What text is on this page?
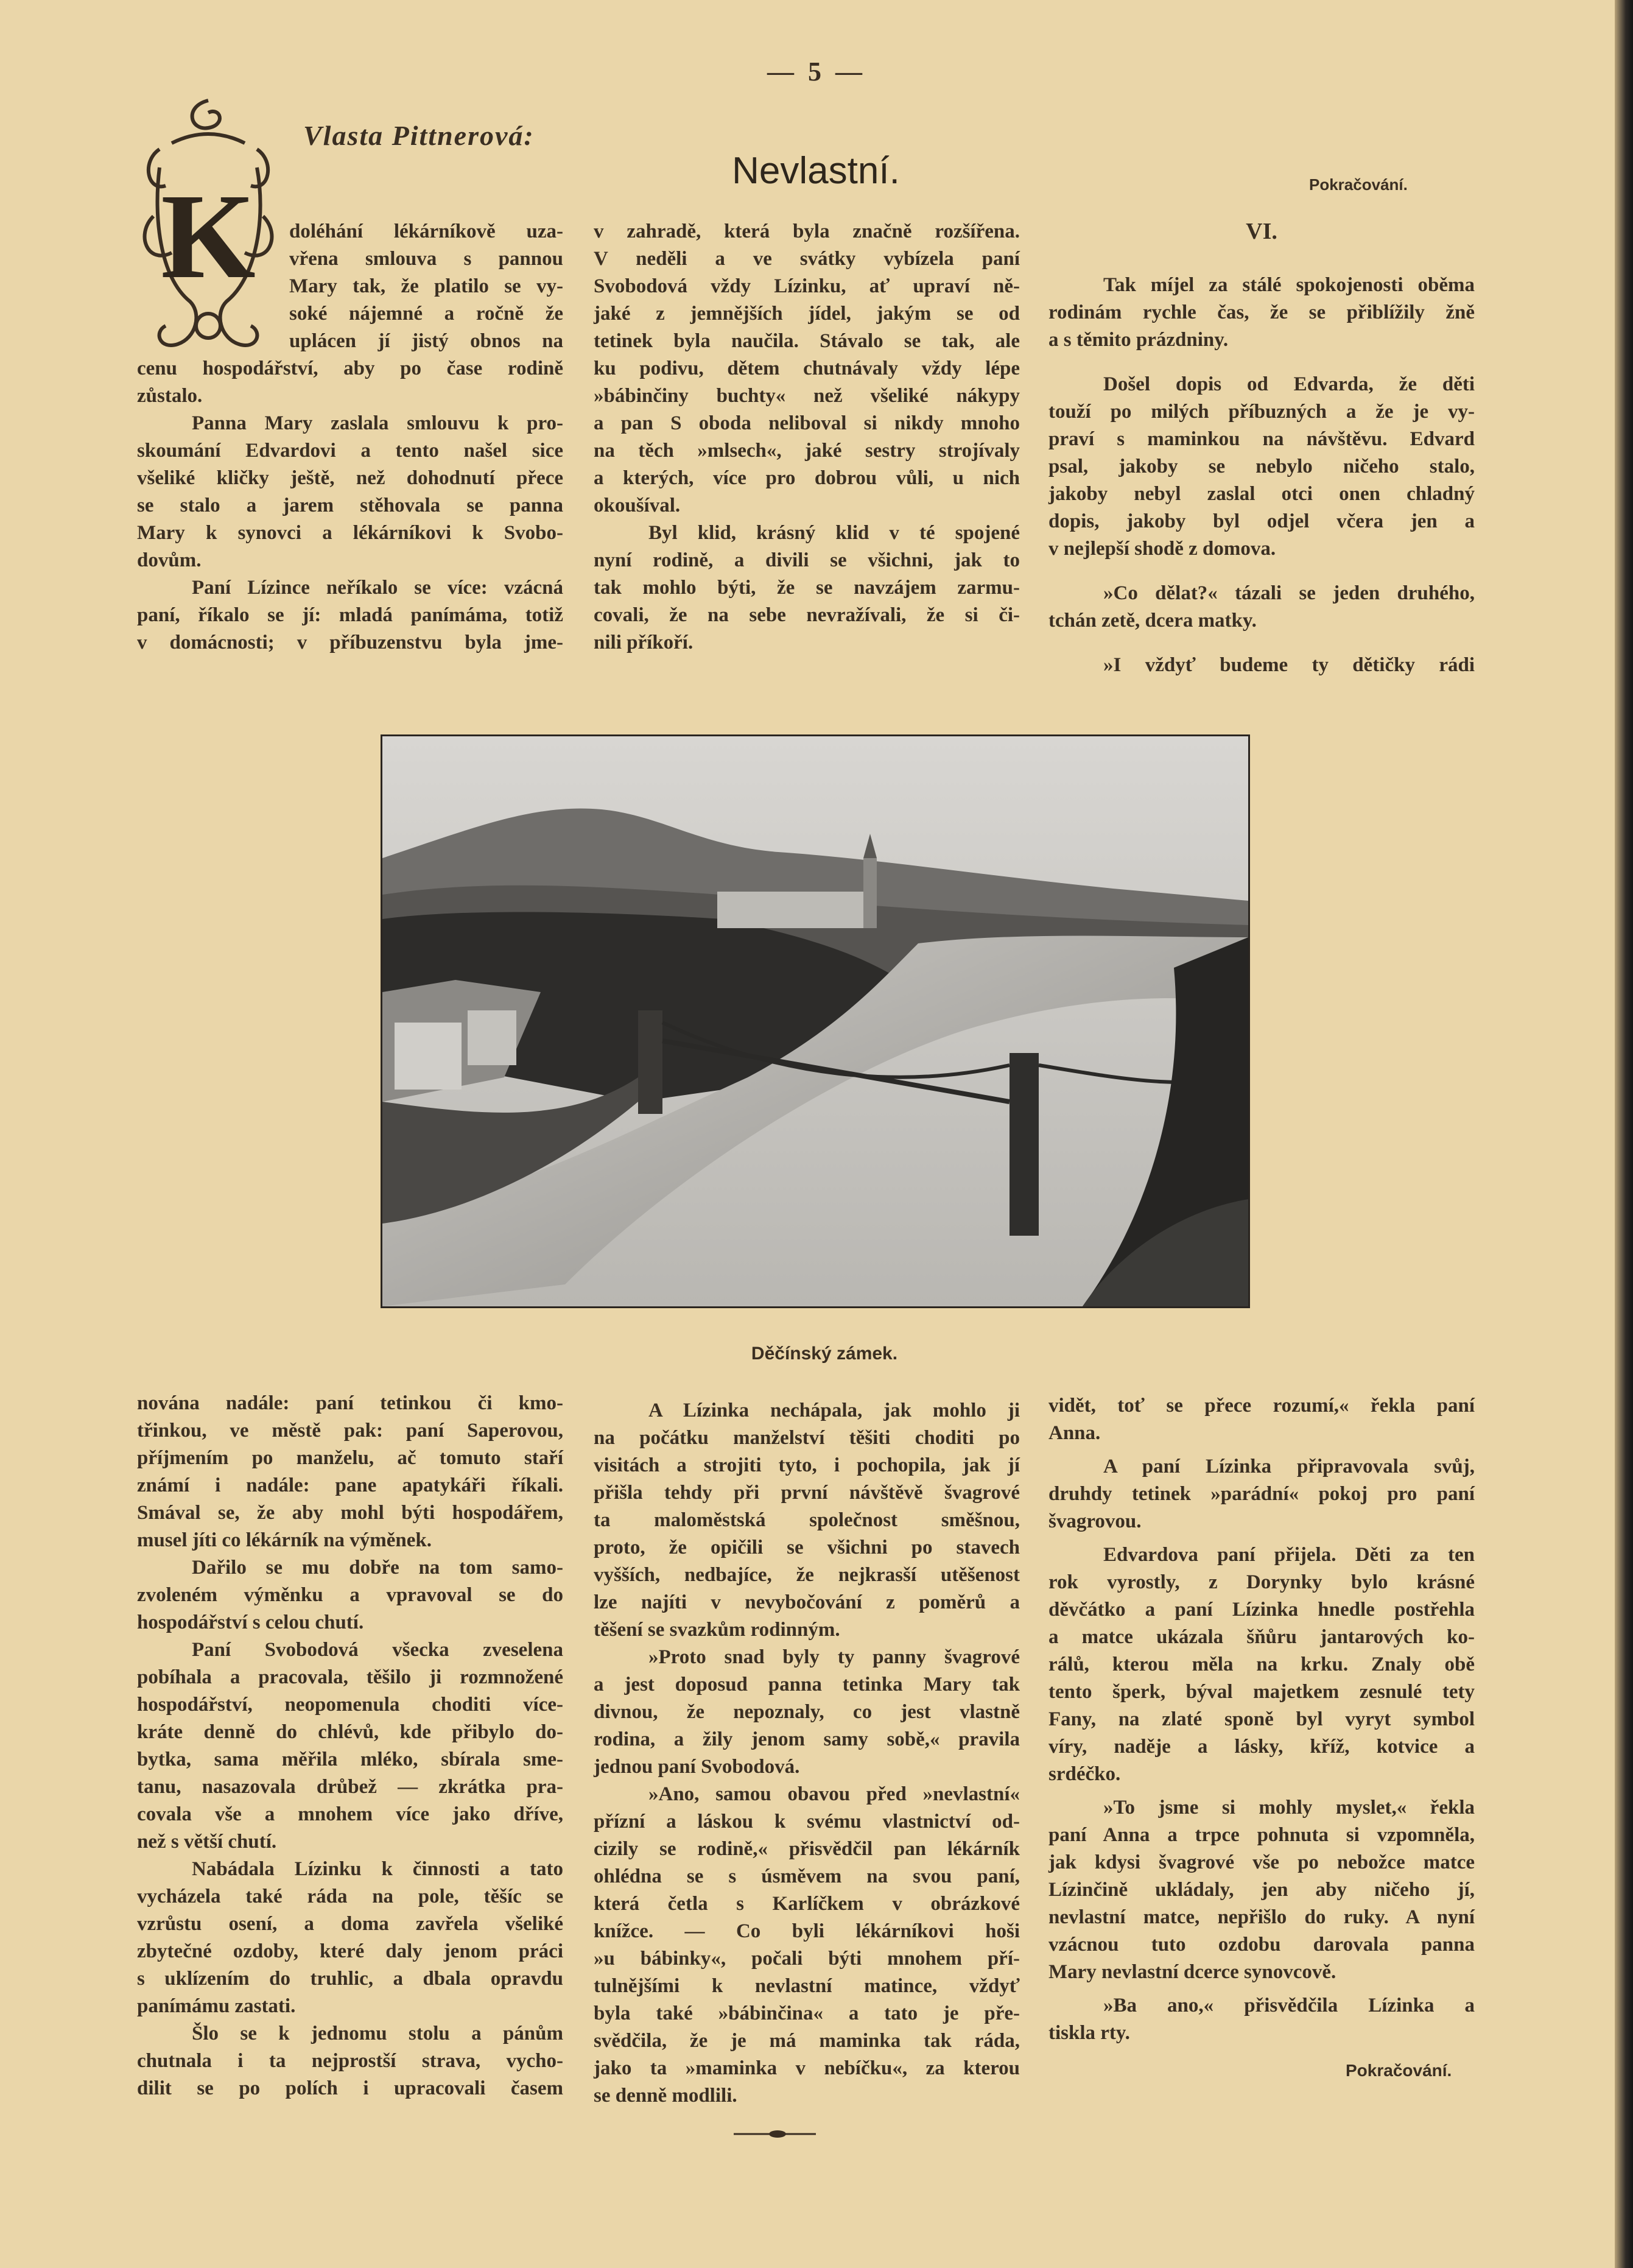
— 5 —
K
Vlasta Pittnerová:
Nevlastní.	Pokračování.
VI.
doléhání lékárníkově uza-
vřena smlouva s pannou
Mary tak, že platilo se vy-
soké nájemné a ročně že
uplácen jí jistý obnos na
cenu hospodářství, aby po čase rodině
zůstalo.
Panna Mary zaslala smlouvu k pro-
skoumání Edvardovi a tento našel sice
všeliké kličky ještě, než dohodnutí přece
se stalo a jarem stěhovala se panna
Mary k synovci a lékárníkovi k Svobo-
dovům.
Paní Lízince neříkalo se více: vzácná
paní, říkalo se jí: mladá panímáma, totiž
v domácnosti; v příbuzenstvu byla jme-
v zahradě, která byla značně rozšířena.
V neděli a ve svátky vybízela paní
Svobodová vždy Lízinku, ať upraví ně-
jaké z jemnějších jídel, jakým se od
tetinek byla naučila. Stávalo se tak, ale
ku podivu, dětem chutnávaly vždy lépe
»bábinčiny buchty« než všeliké nákypy
a pan S oboda neliboval si nikdy mnoho
na těch »mlsech«, jaké sestry strojívaly
a kterých, více pro dobrou vůli, u nich
okoušíval.
Byl klid, krásný klid v té spojené
nyní rodině, a divili se všichni, jak to
tak mohlo býti, že se navzájem zarmu-
covali, že na sebe nevražívali, že si či-
nili příkoří.
Tak míjel za stálé spokojenosti oběma
rodinám rychle čas, že se přiblížily žně
a s těmito prázdniny.
Došel dopis od Edvarda, že děti
touží po milých příbuzných a že je vy-
praví s maminkou na návštěvu. Edvard
psal, jakoby se nebylo ničeho stalo,
jakoby nebyl zaslal otci onen chladný
dopis, jakoby byl odjel včera jen a
v nejlepší shodě z domova.
»Co dělat?« tázali se jeden druhého,
tchán zetě, dcera matky.
»I vždyť budeme ty dětičky rádi
Děčínský zámek.
nována nadále: paní tetinkou či kmo-
třinkou, ve městě pak: paní Saperovou,
příjmením po manželu, ač tomuto staří
známí i nadále: pane apatykáři říkali.
Smával se, že aby mohl býti hospodářem,
musel jíti co lékárník na výměnek.
Dařilo se mu dobře na tom samo-
zvoleném výměnku a vpravoval se do
hospodářství s celou chutí.
Paní Svobodová všecka zveselena
pobíhala a pracovala, těšilo ji rozmnožené
hospodářství, neopomenula choditi více-
kráte denně do chlévů, kde přibylo do-
bytka, sama měřila mléko, sbírala sme-
tanu, nasazovala drůbež — zkrátka pra-
covala vše a mnohem více jako dříve,
než s větší chutí.
Nabádala Lízinku k činnosti a tato
vycházela také ráda na pole, těšíc se
vzrůstu osení, a doma zavřela všeliké
zbytečné ozdoby, které daly jenom práci
s uklízením do truhlic, a dbala opravdu
panímámu zastati.
Šlo se k jednomu stolu a pánům
chutnala i ta nejprostší strava, vycho-
dilit se po polích i upracovali časem
A Lízinka nechápala, jak mohlo ji
na počátku manželství těšiti choditi po
visitách a strojiti tyto, i pochopila, jak jí
přišla tehdy při první návštěvě švagrové
ta maloměstská společnost směšnou,
proto, že opičili se všichni po stavech
vyšších, nedbajíce, že nejkrasší utěšenost
lze najíti v nevybočování z poměrů a
těšení se svazkům rodinným.
»Proto snad byly ty panny švagrové
a jest doposud panna tetinka Mary tak
divnou, že nepoznaly, co jest vlastně
rodina, a žily jenom samy sobě,« pravila
jednou paní Svobodová.
»Ano, samou obavou před »nevlastní«
přízní a láskou k svému vlastnictví od-
cizily se rodině,« přisvědčil pan lékárník
ohlédna se s úsměvem na svou paní,
která četla s Karlíčkem v obrázkové
knížce. — Co byli lékárníkovi hoši
»u bábinky«, počali býti mnohem pří-
tulnějšími k nevlastní matince, vždyť
byla také »bábinčina« a tato je pře-
svědčila, že je má maminka tak ráda,
jako ta »maminka v nebíčku«, za kterou
se denně modlili.
vidět, toť se přece rozumí,« řekla paní
Anna.
A paní Lízinka připravovala svůj,
druhdy tetinek »parádní« pokoj pro paní
švagrovou.
Edvardova paní přijela. Děti za ten
rok vyrostly, z Dorynky bylo krásné
děvčátko a paní Lízinka hnedle postřehla
a matce ukázala šňůru jantarových ko-
rálů, kterou měla na krku. Znaly obě
tento šperk, býval majetkem zesnulé tety
Fany, na zlaté sponě byl vyryt symbol
víry, naděje a lásky, kříž, kotvice a
srdéčko.
»To jsme si mohly myslet,« řekla
paní Anna a trpce pohnuta si vzpomněla,
jak kdysi švagrové vše po nebožce matce
Lízinčině ukládaly, jen aby ničeho jí,
nevlastní matce, nepřišlo do ruky. A nyní
vzácnou tuto ozdobu darovala panna
Mary nevlastní dcerce synovcově.
»Ba ano,« přisvědčila Lízinka a
tiskla rty.
Pokračování.
